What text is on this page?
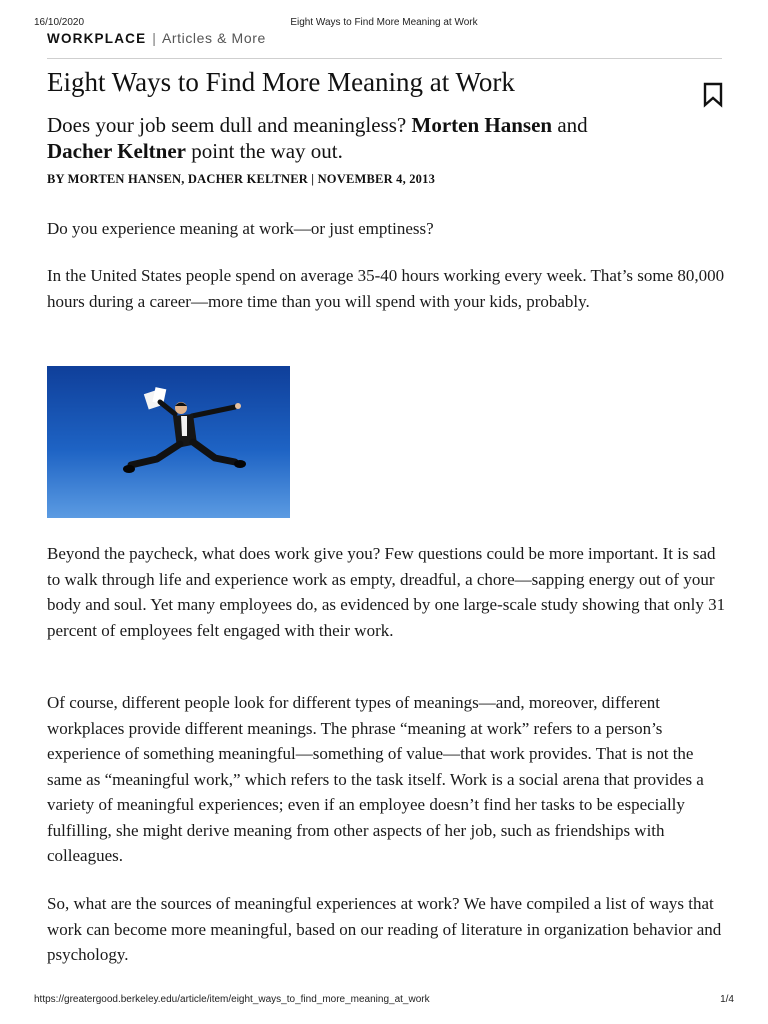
16/10/2020	Eight Ways to Find More Meaning at Work
WORKPLACE | Articles & More
Eight Ways to Find More Meaning at Work

Does your job seem dull and meaningless? Morten Hansen and
Dacher Keltner point the way out.

BY MORTEN HANSEN, DACHER KELTNER | NOVEMBER 4, 2013

Do you experience meaning at work—or just emptiness?

In the United States people spend on average 35-40 hours working every week. That’s some 80,000 hours during a career—more time than you will spend with your kids, probably.

Beyond the paycheck, what does work give you? Few questions could be more important. It is sad to walk through life and experience work as empty, dreadful, a chore—sapping energy out of your body and soul. Yet many employees do, as evidenced by one large-scale study showing that only 31 percent of employees felt engaged with their work.

Of course, different people look for different types of meanings—and, moreover, different workplaces provide different meanings. The phrase “meaning at work” refers to a person’s experience of something meaningful—something of value—that work provides. That is not the same as “meaningful work,” which refers to the task itself. Work is a social arena that provides a variety of meaningful experiences; even if an employee doesn’t find her tasks to be especially fulfilling, she might derive meaning from other aspects of her job, such as friendships with colleagues.

So, what are the sources of meaningful experiences at work? We have compiled a list of ways that work can become more meaningful, based on our reading of literature in organization behavior and psychology.

https://greatergood.berkeley.edu/article/item/eight_ways_to_find_more_meaning_at_work	1/4
